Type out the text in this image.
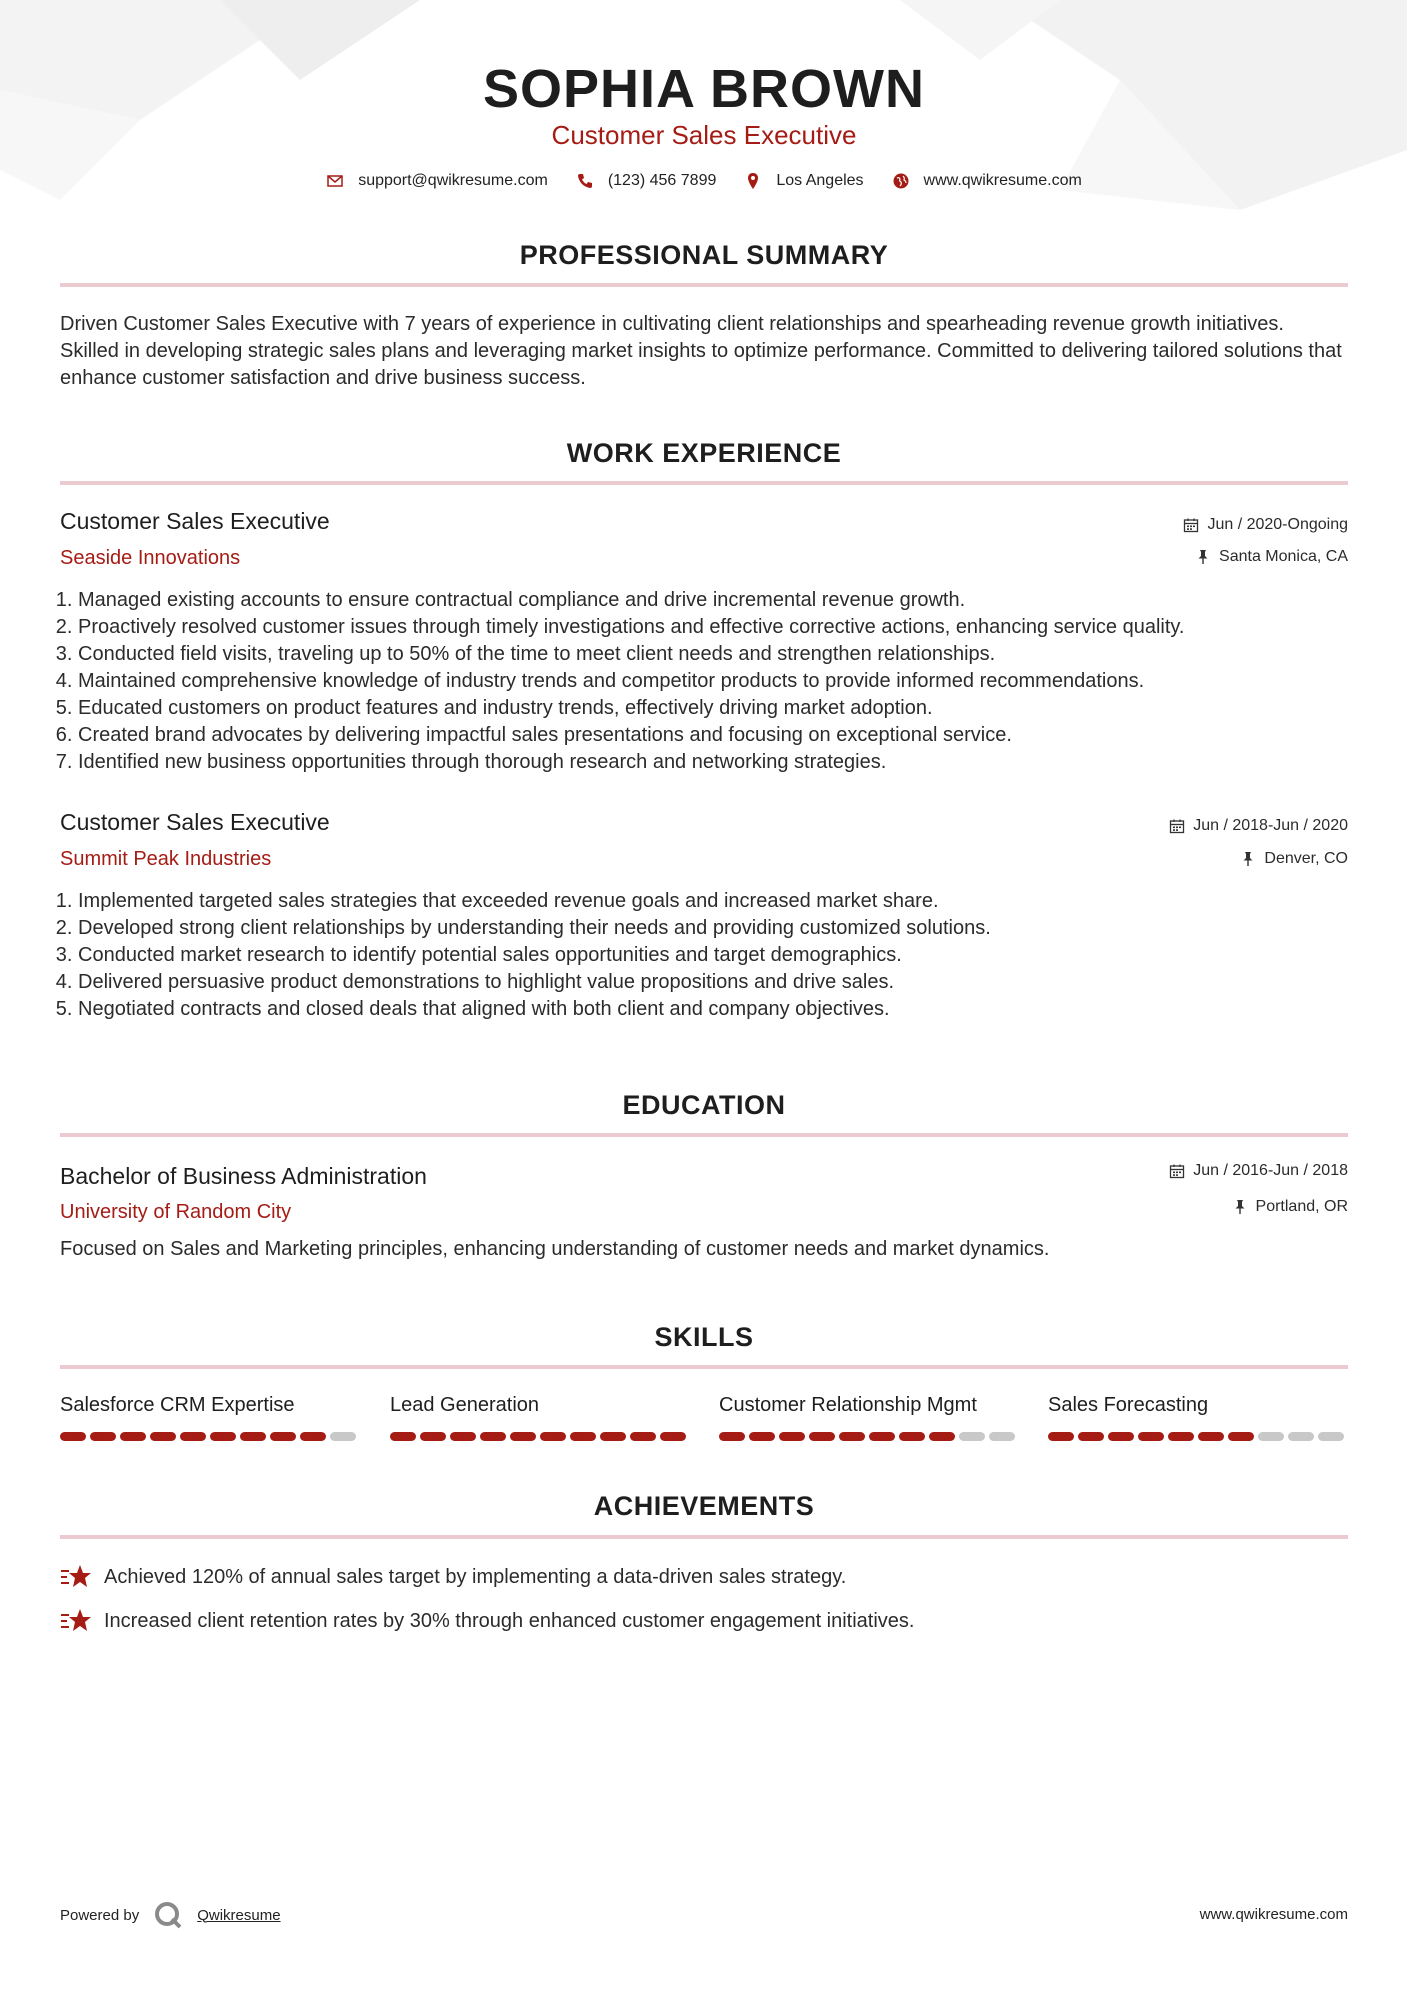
SOPHIA BROWN
Customer Sales Executive
support@qwikresume.com	(123) 456 7899	Los Angeles	www.qwikresume.com
PROFESSIONAL SUMMARY
Driven Customer Sales Executive with 7 years of experience in cultivating client relationships and spearheading revenue growth initiatives. Skilled in developing strategic sales plans and leveraging market insights to optimize performance. Committed to delivering tailored solutions that enhance customer satisfaction and drive business success.
WORK EXPERIENCE
Customer Sales Executive
Seaside Innovations
Jun / 2020-Ongoing
Santa Monica, CA
1. Managed existing accounts to ensure contractual compliance and drive incremental revenue growth.
2. Proactively resolved customer issues through timely investigations and effective corrective actions, enhancing service quality.
3. Conducted field visits, traveling up to 50% of the time to meet client needs and strengthen relationships.
4. Maintained comprehensive knowledge of industry trends and competitor products to provide informed recommendations.
5. Educated customers on product features and industry trends, effectively driving market adoption.
6. Created brand advocates by delivering impactful sales presentations and focusing on exceptional service.
7. Identified new business opportunities through thorough research and networking strategies.
Customer Sales Executive
Summit Peak Industries
Jun / 2018-Jun / 2020
Denver, CO
1. Implemented targeted sales strategies that exceeded revenue goals and increased market share.
2. Developed strong client relationships by understanding their needs and providing customized solutions.
3. Conducted market research to identify potential sales opportunities and target demographics.
4. Delivered persuasive product demonstrations to highlight value propositions and drive sales.
5. Negotiated contracts and closed deals that aligned with both client and company objectives.
EDUCATION
Bachelor of Business Administration
University of Random City
Jun / 2016-Jun / 2018
Portland, OR
Focused on Sales and Marketing principles, enhancing understanding of customer needs and market dynamics.
SKILLS
Salesforce CRM Expertise	Lead Generation	Customer Relationship Mgmt	Sales Forecasting
ACHIEVEMENTS
Achieved 120% of annual sales target by implementing a data-driven sales strategy.
Increased client retention rates by 30% through enhanced customer engagement initiatives.
Powered by	Qwikresume	www.qwikresume.com
